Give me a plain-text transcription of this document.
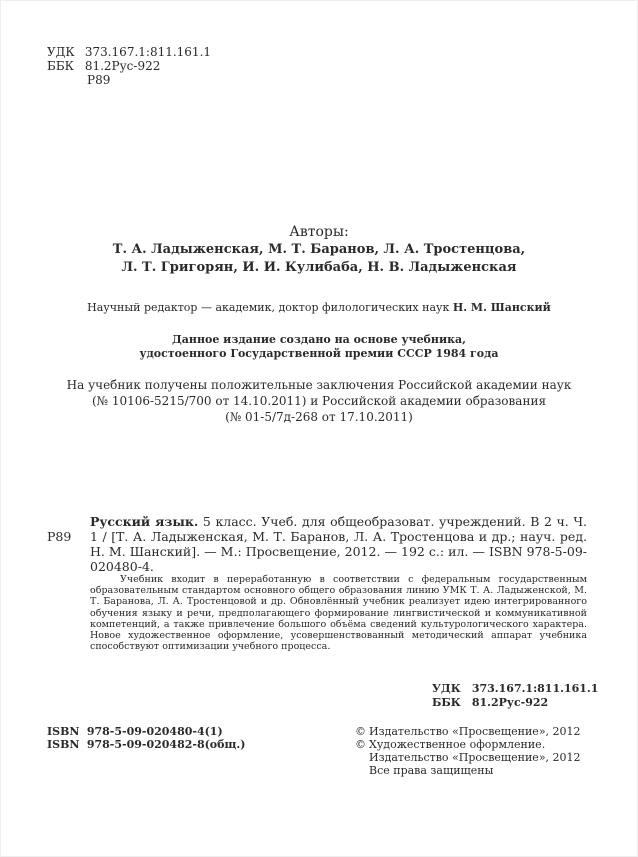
УДК 373.167.1:811.161.1
ББК 81.2Рус-922
Р89
Авторы:
Т. А. Ладыженская, М. Т. Баранов, Л. А. Тростенцова,
Л. Т. Григорян, И. И. Кулибаба, Н. В. Ладыженская
Научный редактор — академик, доктор филологических наук Н. М. Шанский
Данное издание создано на основе учебника,
удостоенного Государственной премии СССР 1984 года
На учебник получены положительные заключения Российской академии наук
(№ 10106-5215/700 от 14.10.2011) и Российской академии образования
(№ 01-5/7д-268 от 17.10.2011)
Р89
Русский язык. 5 класс. Учеб. для общеобразоват. учреждений. В 2 ч. Ч. 1 / [Т. А. Ладыженская, М. Т. Баранов, Л. А. Тростенцова и др.; науч. ред. Н. М. Шанский]. — М.: Просвещение, 2012. — 192 с.: ил. — ISBN 978-5-09-020480-4.
Учебник входит в переработанную в соответствии с федеральным государственным образовательным стандартом основного общего образования линию УМК Т. А. Ладыженской, М. Т. Баранова, Л. А. Тростенцовой и др. Обновлённый учебник реализует идею интегрированного обучения языку и речи, предполагающего формирование лингвистической и коммуникативной компетенций, а также привлечение большого объёма сведений культурологического характера. Новое художественное оформление, усовершенствованный методический аппарат учебника способствуют оптимизации учебного процесса.
УДК 373.167.1:811.161.1
ББК 81.2Рус-922
ISBN 978-5-09-020480-4(1)
ISBN 978-5-09-020482-8(общ.)
© Издательство «Просвещение», 2012
© Художественное оформление.
Издательство «Просвещение», 2012
Все права защищены
